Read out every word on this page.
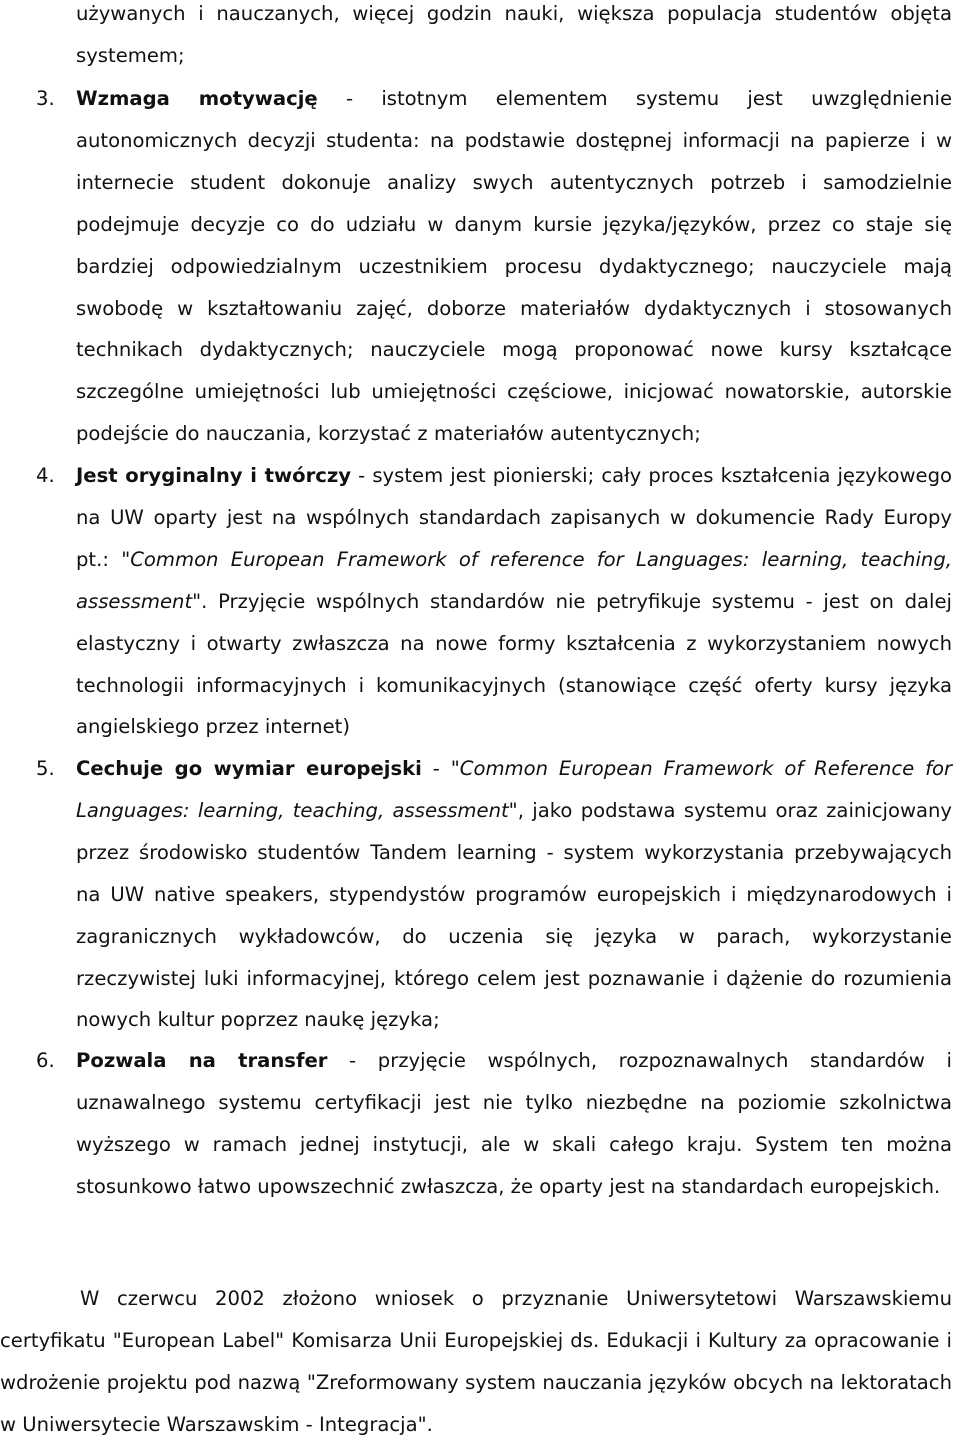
używanych i nauczanych, więcej godzin nauki, większa populacja studentów objęta systemem;

3. Wzmaga motywację - istotnym elementem systemu jest uwzględnienie autonomicznych decyzji studenta: na podstawie dostępnej informacji na papierze i w internecie student dokonuje analizy swych autentycznych potrzeb i samodzielnie podejmuje decyzje co do udziału w danym kursie języka/języków, przez co staje się bardziej odpowiedzialnym uczestnikiem procesu dydaktycznego; nauczyciele mają swobodę w kształtowaniu zajęć, doborze materiałów dydaktycznych i stosowanych technikach dydaktycznych; nauczyciele mogą proponować nowe kursy kształcące szczególne umiejętności lub umiejętności częściowe, inicjować nowatorskie, autorskie podejście do nauczania, korzystać z materiałów autentycznych;

4. Jest oryginalny i twórczy - system jest pionierski; cały proces kształcenia językowego na UW oparty jest na wspólnych standardach zapisanych w dokumencie Rady Europy pt.: "Common European Framework of reference for Languages: learning, teaching, assessment". Przyjęcie wspólnych standardów nie petryfikuje systemu - jest on dalej elastyczny i otwarty zwłaszcza na nowe formy kształcenia z wykorzystaniem nowych technologii informacyjnych i komunikacyjnych (stanowiące część oferty kursy języka angielskiego przez internet)

5. Cechuje go wymiar europejski - "Common European Framework of Reference for Languages: learning, teaching, assessment", jako podstawa systemu oraz zainicjowany przez środowisko studentów Tandem learning - system wykorzystania przebywających na UW native speakers, stypendystów programów europejskich i międzynarodowych i zagranicznych wykładowców, do uczenia się języka w parach, wykorzystanie rzeczywistej luki informacyjnej, którego celem jest poznawanie i dążenie do rozumienia nowych kultur poprzez naukę języka;

6. Pozwala na transfer - przyjęcie wspólnych, rozpoznawalnych standardów i uznawalnego systemu certyfikacji jest nie tylko niezbędne na poziomie szkolnictwa wyższego w ramach jednej instytucji, ale w skali całego kraju. System ten można stosunkowo łatwo upowszechnić zwłaszcza, że oparty jest na standardach europejskich.

W czerwcu 2002 złożono wniosek o przyznanie Uniwersytetowi Warszawskiemu certyfikatu "European Label" Komisarza Unii Europejskiej ds. Edukacji i Kultury za opracowanie i wdrożenie projektu pod nazwą "Zreformowany system nauczania języków obcych na lektoratach w Uniwersytecie Warszawskim - Integracja".
